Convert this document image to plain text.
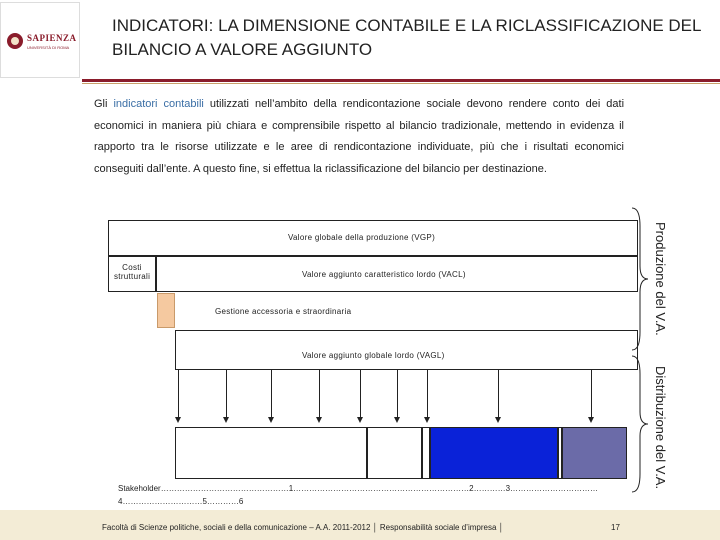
SAPIENZA
UNIVERSITÀ DI ROMA
INDICATORI: LA DIMENSIONE CONTABILE E LA RICLASSIFICAZIONE DEL BILANCIO A VALORE AGGIUNTO
Gli indicatori contabili utilizzati nell’ambito della rendicontazione sociale devono rendere conto dei dati economici in maniera più chiara e comprensibile rispetto al bilancio tradizionale, mettendo in evidenza il rapporto tra le risorse utilizzate e le aree di rendicontazione individuate, più che i risultati economici conseguiti dall’ente. A questo fine, si effettua la riclassificazione del bilancio per destinazione.
Valore globale della produzione (VGP)
Costi strutturali	Valore aggiunto caratteristico lordo (VACL)
Gestione accessoria e straordinaria
Valore aggiunto globale lordo (VAGL)
Produzione del V.A.
Distribuzione del V.A.
Stakeholder…………………………………………1…………………………………………………………2…………3……………………………4…………………………5…………6
Facoltà di Scienze politiche, sociali e della comunicazione – A.A. 2011-2012 │ Responsabilità sociale d’impresa │	17
